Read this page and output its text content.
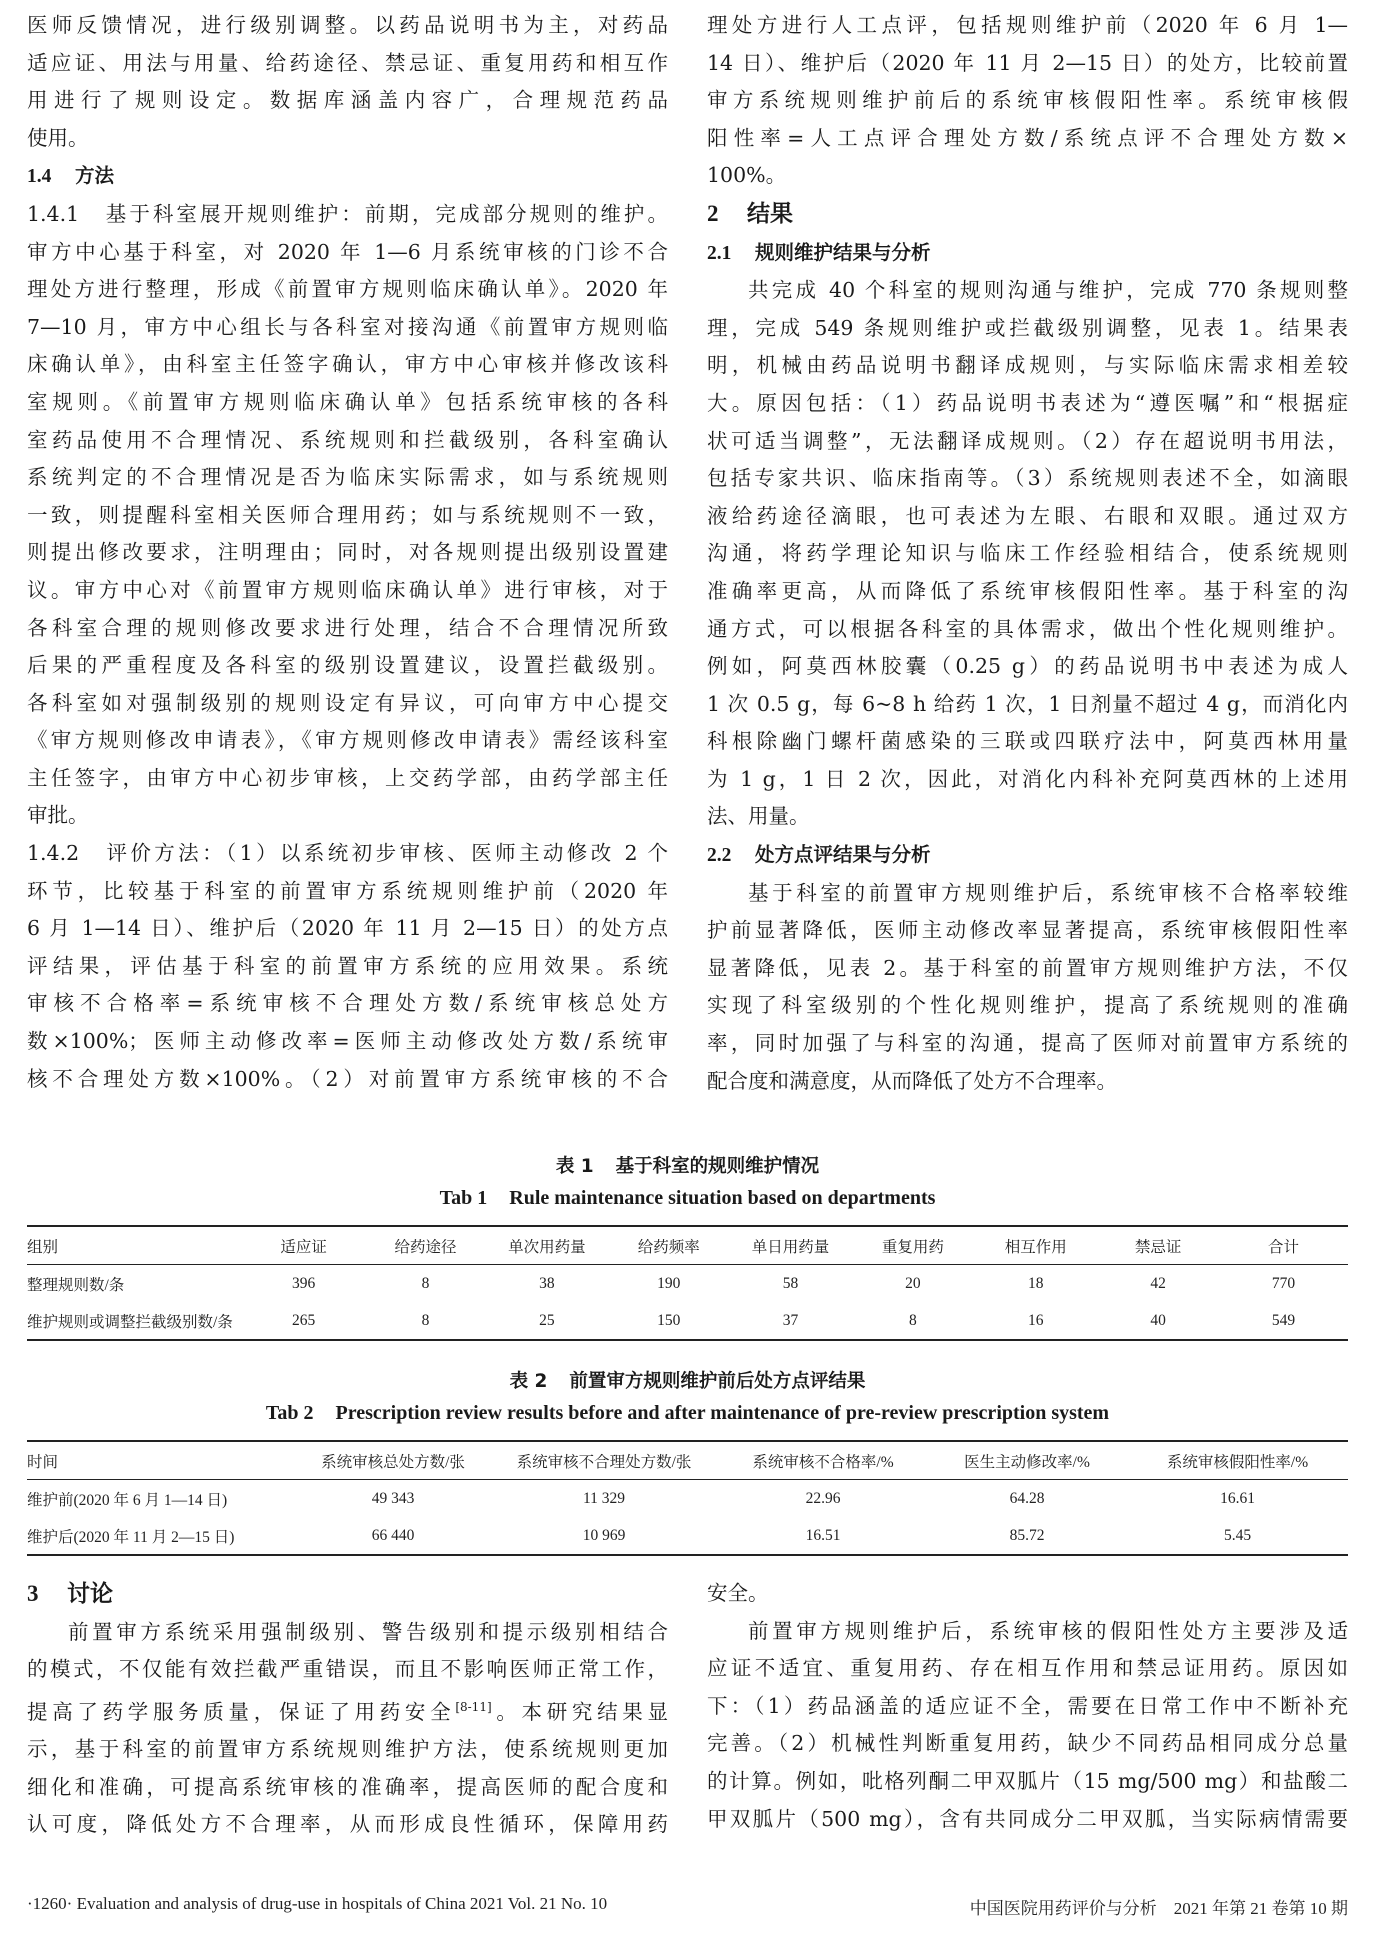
医师反馈情况，进行级别调整。以药品说明书为主，对药品

适应证、用法与用量、给药途径、禁忌证、重复用药和相互作

用进行了规则设定。数据库涵盖内容广，合理规范药品

使用。

1.4 方法

1.4.1　基于科室展开规则维护：前期，完成部分规则的维护。

审方中心基于科室，对 2020 年 1—6 月系统审核的门诊不合

理处方进行整理，形成《前置审方规则临床确认单》。2020 年

7—10 月，审方中心组长与各科室对接沟通《前置审方规则临

床确认单》，由科室主任签字确认，审方中心审核并修改该科

室规则。《前置审方规则临床确认单》包括系统审核的各科

室药品使用不合理情况、系统规则和拦截级别，各科室确认

系统判定的不合理情况是否为临床实际需求，如与系统规则

一致，则提醒科室相关医师合理用药；如与系统规则不一致，

则提出修改要求，注明理由；同时，对各规则提出级别设置建

议。审方中心对《前置审方规则临床确认单》进行审核，对于

各科室合理的规则修改要求进行处理，结合不合理情况所致

后果的严重程度及各科室的级别设置建议，设置拦截级别。

各科室如对强制级别的规则设定有异议，可向审方中心提交

《审方规则修改申请表》，《审方规则修改申请表》需经该科室

主任签字，由审方中心初步审核，上交药学部，由药学部主任

审批。

1.4.2　评价方法：（1）以系统初步审核、医师主动修改 2 个

环节，比较基于科室的前置审方系统规则维护前（2020 年

6 月 1—14 日）、维护后（2020 年 11 月 2—15 日）的处方点

评结果，评估基于科室的前置审方系统的应用效果。系统

审核不合格率=系统审核不合理处方数/系统审核总处方

数×100%；医师主动修改率=医师主动修改处方数/系统审

核不合理处方数×100%。（2）对前置审方系统审核的不合

理处方进行人工点评，包括规则维护前（2020 年 6 月 1—

14 日）、维护后（2020 年 11 月 2—15 日）的处方，比较前置

审方系统规则维护前后的系统审核假阳性率。系统审核假

阳性率=人工点评合理处方数/系统点评不合理处方数×

100%。

2 结果
2.1 规则维护结果与分析

共完成 40 个科室的规则沟通与维护，完成 770 条规则整

理，完成 549 条规则维护或拦截级别调整，见表 1。结果表

明，机械由药品说明书翻译成规则，与实际临床需求相差较

大。原因包括：（1）药品说明书表述为“遵医嘱”和“根据症

状可适当调整”，无法翻译成规则。（2）存在超说明书用法，

包括专家共识、临床指南等。（3）系统规则表述不全，如滴眼

液给药途径滴眼，也可表述为左眼、右眼和双眼。通过双方

沟通，将药学理论知识与临床工作经验相结合，使系统规则

准确率更高，从而降低了系统审核假阳性率。基于科室的沟

通方式，可以根据各科室的具体需求，做出个性化规则维护。

例如，阿莫西林胶囊（0.25 g）的药品说明书中表述为成人

1 次 0.5 g，每 6~8 h 给药 1 次，1 日剂量不超过 4 g，而消化内

科根除幽门螺杆菌感染的三联或四联疗法中，阿莫西林用量

为 1 g，1 日 2 次，因此，对消化内科补充阿莫西林的上述用

法、用量。

2.2 处方点评结果与分析

基于科室的前置审方规则维护后，系统审核不合格率较维

护前显著降低，医师主动修改率显著提高，系统审核假阳性率

显著降低，见表 2。基于科室的前置审方规则维护方法，不仅

实现了科室级别的个性化规则维护，提高了系统规则的准确

率，同时加强了与科室的沟通，提高了医师对前置审方系统的

配合度和满意度，从而降低了处方不合理率。

表 1 基于科室的规则维护情况
Tab 1 Rule maintenance situation based on departments
组别	适应证	给药途径	单次用药量	给药频率	单日用药量	重复用药	相互作用	禁忌证	合计
整理规则数/条	396	8	38	190	58	20	18	42	770
维护规则或调整拦截级别数/条	265	8	25	150	37	8	16	40	549
表 2 前置审方规则维护前后处方点评结果
Tab 2 Prescription review results before and after maintenance of pre-review prescription system
时间	系统审核总处方数/张	系统审核不合理处方数/张	系统审核不合格率/%	医生主动修改率/%	系统审核假阳性率/%
维护前(2020 年 6 月 1—14 日)	49 343	11 329	22.96	64.28	16.61
维护后(2020 年 11 月 2—15 日)	66 440	10 969	16.51	85.72	5.45
3 讨论

前置审方系统采用强制级别、警告级别和提示级别相结合

的模式，不仅能有效拦截严重错误，而且不影响医师正常工作，

提高了药学服务质量，保证了用药安全[8-11]。本研究结果显

示，基于科室的前置审方系统规则维护方法，使系统规则更加

细化和准确，可提高系统审核的准确率，提高医师的配合度和

认可度，降低处方不合理率，从而形成良性循环，保障用药

安全。

前置审方规则维护后，系统审核的假阳性处方主要涉及适

应证不适宜、重复用药、存在相互作用和禁忌证用药。原因如

下：（1）药品涵盖的适应证不全，需要在日常工作中不断补充

完善。（2）机械性判断重复用药，缺少不同药品相同成分总量

的计算。例如，吡格列酮二甲双胍片（15 mg/500 mg）和盐酸二

甲双胍片（500 mg），含有共同成分二甲双胍，当实际病情需要

·1260· Evaluation and analysis of drug-use in hospitals of China 2021 Vol. 21 No. 10	中国医院用药评价与分析　2021 年第 21 卷第 10 期
